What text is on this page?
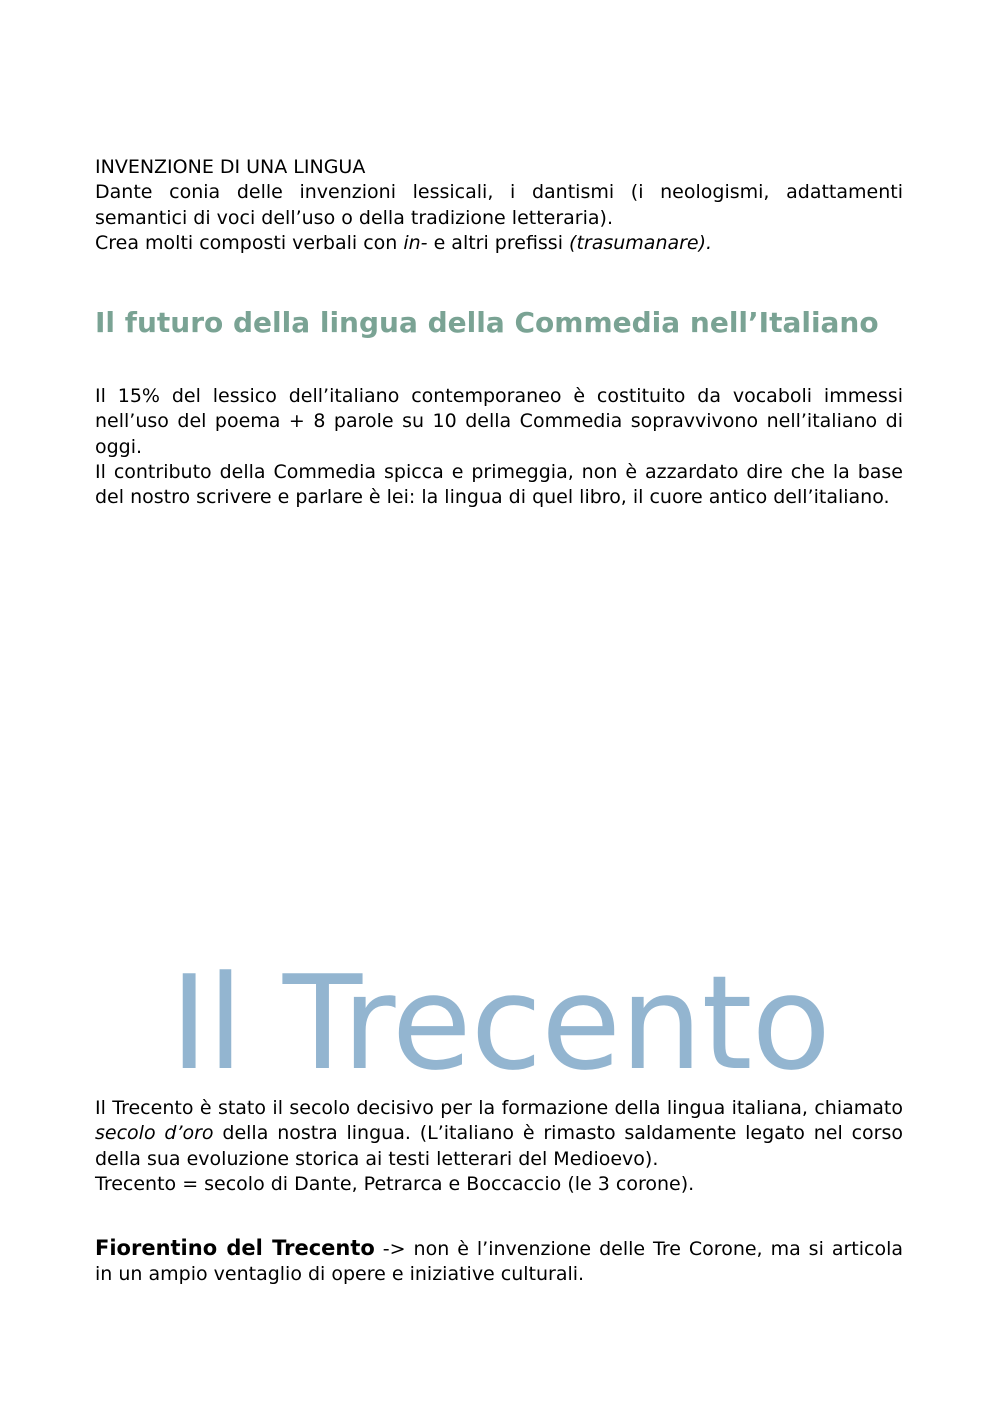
INVENZIONE DI UNA LINGUA

Dante conia delle invenzioni lessicali, i dantismi (i neologismi, adattamenti semantici di voci dell’uso o della tradizione letteraria).

Crea molti composti verbali con in- e altri prefissi (trasumanare).

Il futuro della lingua della Commedia nell’Italiano

Il 15% del lessico dell’italiano contemporaneo è costituito da vocaboli immessi nell’uso del poema + 8 parole su 10 della Commedia sopravvivono nell’italiano di oggi.

Il contributo della Commedia spicca e primeggia, non è azzardato dire che la base del nostro scrivere e parlare è lei: la lingua di quel libro, il cuore antico dell’italiano.

Il Trecento

Il Trecento è stato il secolo decisivo per la formazione della lingua italiana, chiamato secolo d’oro della nostra lingua. (L’italiano è rimasto saldamente legato nel corso della sua evoluzione storica ai testi letterari del Medioevo).

Trecento = secolo di Dante, Petrarca e Boccaccio (le 3 corone).

Fiorentino del Trecento -> non è l’invenzione delle Tre Corone, ma si articola in un ampio ventaglio di opere e iniziative culturali.
